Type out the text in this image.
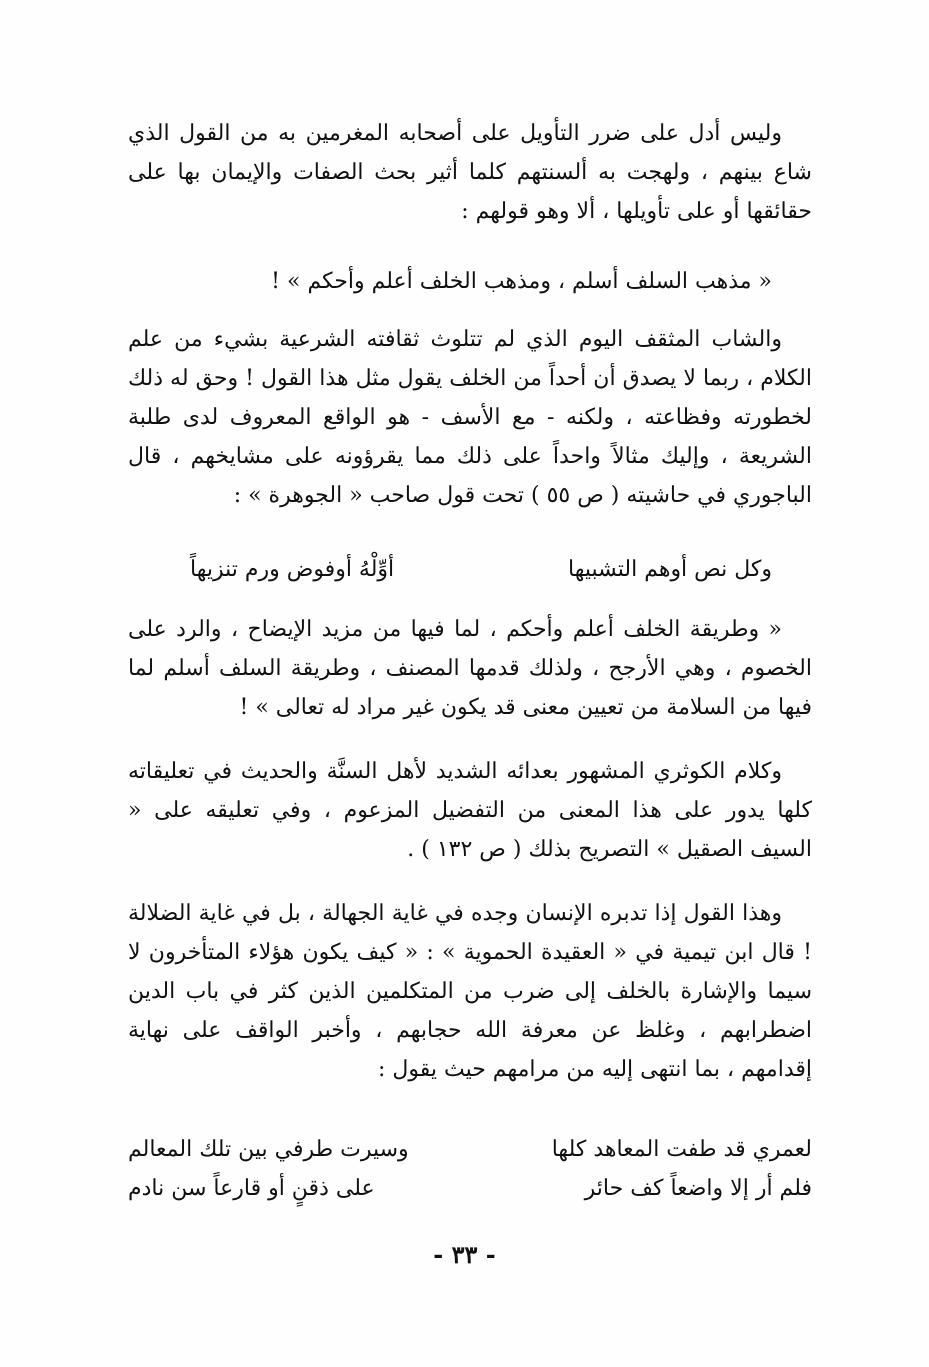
وليس أدل على ضرر التأويل على أصحابه المغرمين به من القول الذي شاع بينهم ، ولهجت به ألسنتهم كلما أثير بحث الصفات والإيمان بها على حقائقها أو على تأويلها ، ألا وهو قولهم :

« مذهب السلف أسلم ، ومذهب الخلف أعلم وأحكم » !

والشاب المثقف اليوم الذي لم تتلوث ثقافته الشرعية بشيء من علم الكلام ، ربما لا يصدق أن أحداً من الخلف يقول مثل هذا القول ! وحق له ذلك لخطورته وفظاعته ، ولكنه - مع الأسف - هو الواقع المعروف لدى طلبة الشريعة ، وإليك مثالاً واحداً على ذلك مما يقرؤونه على مشايخهم ، قال الباجوري في حاشيته ( ص ٥٥ ) تحت قول صاحب « الجوهرة » :

وكل نص أوهم التشبيها
أوِّلْهُ أوفوض ورم تنزيهاً

« وطريقة الخلف أعلم وأحكم ، لما فيها من مزيد الإيضاح ، والرد على الخصوم ، وهي الأرجح ، ولذلك قدمها المصنف ، وطريقة السلف أسلم لما فيها من السلامة من تعيين معنى قد يكون غير مراد له تعالى » !

وكلام الكوثري المشهور بعدائه الشديد لأهل السنَّة والحديث في تعليقاته كلها يدور على هذا المعنى من التفضيل المزعوم ، وفي تعليقه على « السيف الصقيل » التصريح بذلك ( ص ١٣٢ ) .

وهذا القول إذا تدبره الإنسان وجده في غاية الجهالة ، بل في غاية الضلالة ! قال ابن تيمية في « العقيدة الحموية » : « كيف يكون هؤلاء المتأخرون لا سيما والإشارة بالخلف إلى ضرب من المتكلمين الذين كثر في باب الدين اضطرابهم ، وغلظ عن معرفة الله حجابهم ، وأخبر الواقف على نهاية إقدامهم ، بما انتهى إليه من مرامهم حيث يقول :

لعمري قد طفت المعاهد كلها
وسيرت طرفي بين تلك المعالم
فلم أر إلا واضعاً كف حائر
على ذقنٍ أو قارعاً سن نادم
- ٣٣ -
